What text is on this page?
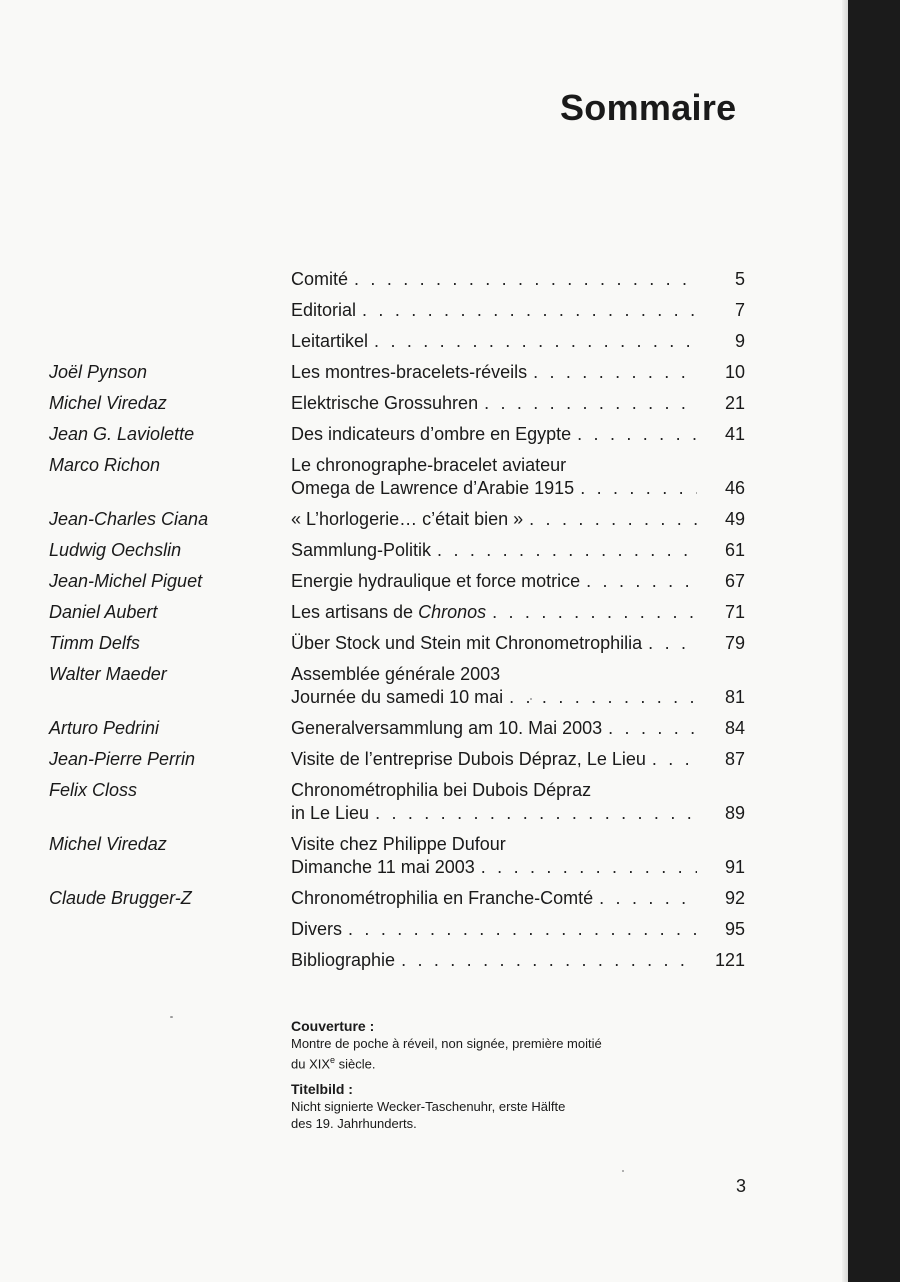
Sommaire
Comité . . .	5
Editorial . . .	7
Leitartikel . . .	9
Joël Pynson	Les montres-bracelets-réveils . . .	10
Michel Viredaz	Elektrische Grossuhren . . .	21
Jean G. Laviolette	Des indicateurs d’ombre en Egypte . . .	41
Marco Richon	Le chronographe-bracelet aviateur
Omega de Lawrence d’Arabie 1915 . . .	46
Jean-Charles Ciana	« L’horlogerie… c’était bien » . . .	49
Ludwig Oechslin	Sammlung-Politik . . .	61
Jean-Michel Piguet	Energie hydraulique et force motrice . . .	67
Daniel Aubert	Les artisans de Chronos . . .	71
Timm Delfs	Über Stock und Stein mit Chronometrophilia . . .	79
Walter Maeder	Assemblée générale 2003
Journée du samedi 10 mai . . .	81
Arturo Pedrini	Generalversammlung am 10. Mai 2003 . . .	84
Jean-Pierre Perrin	Visite de l’entreprise Dubois Dépraz, Le Lieu . . .	87
Felix Closs	Chronométrophilia bei Dubois Dépraz
in Le Lieu . . .	89
Michel Viredaz	Visite chez Philippe Dufour
Dimanche 11 mai 2003 . . .	91
Claude Brugger-Z	Chronométrophilia en Franche-Comté . . .	92
Divers . . .	95
Bibliographie . . .	121
Couverture :
Montre de poche à réveil, non signée, première moitié
du XIXe siècle.
Titelbild :
Nicht signierte Wecker-Taschenuhr, erste Hälfte
des 19. Jahrhunderts.
3
